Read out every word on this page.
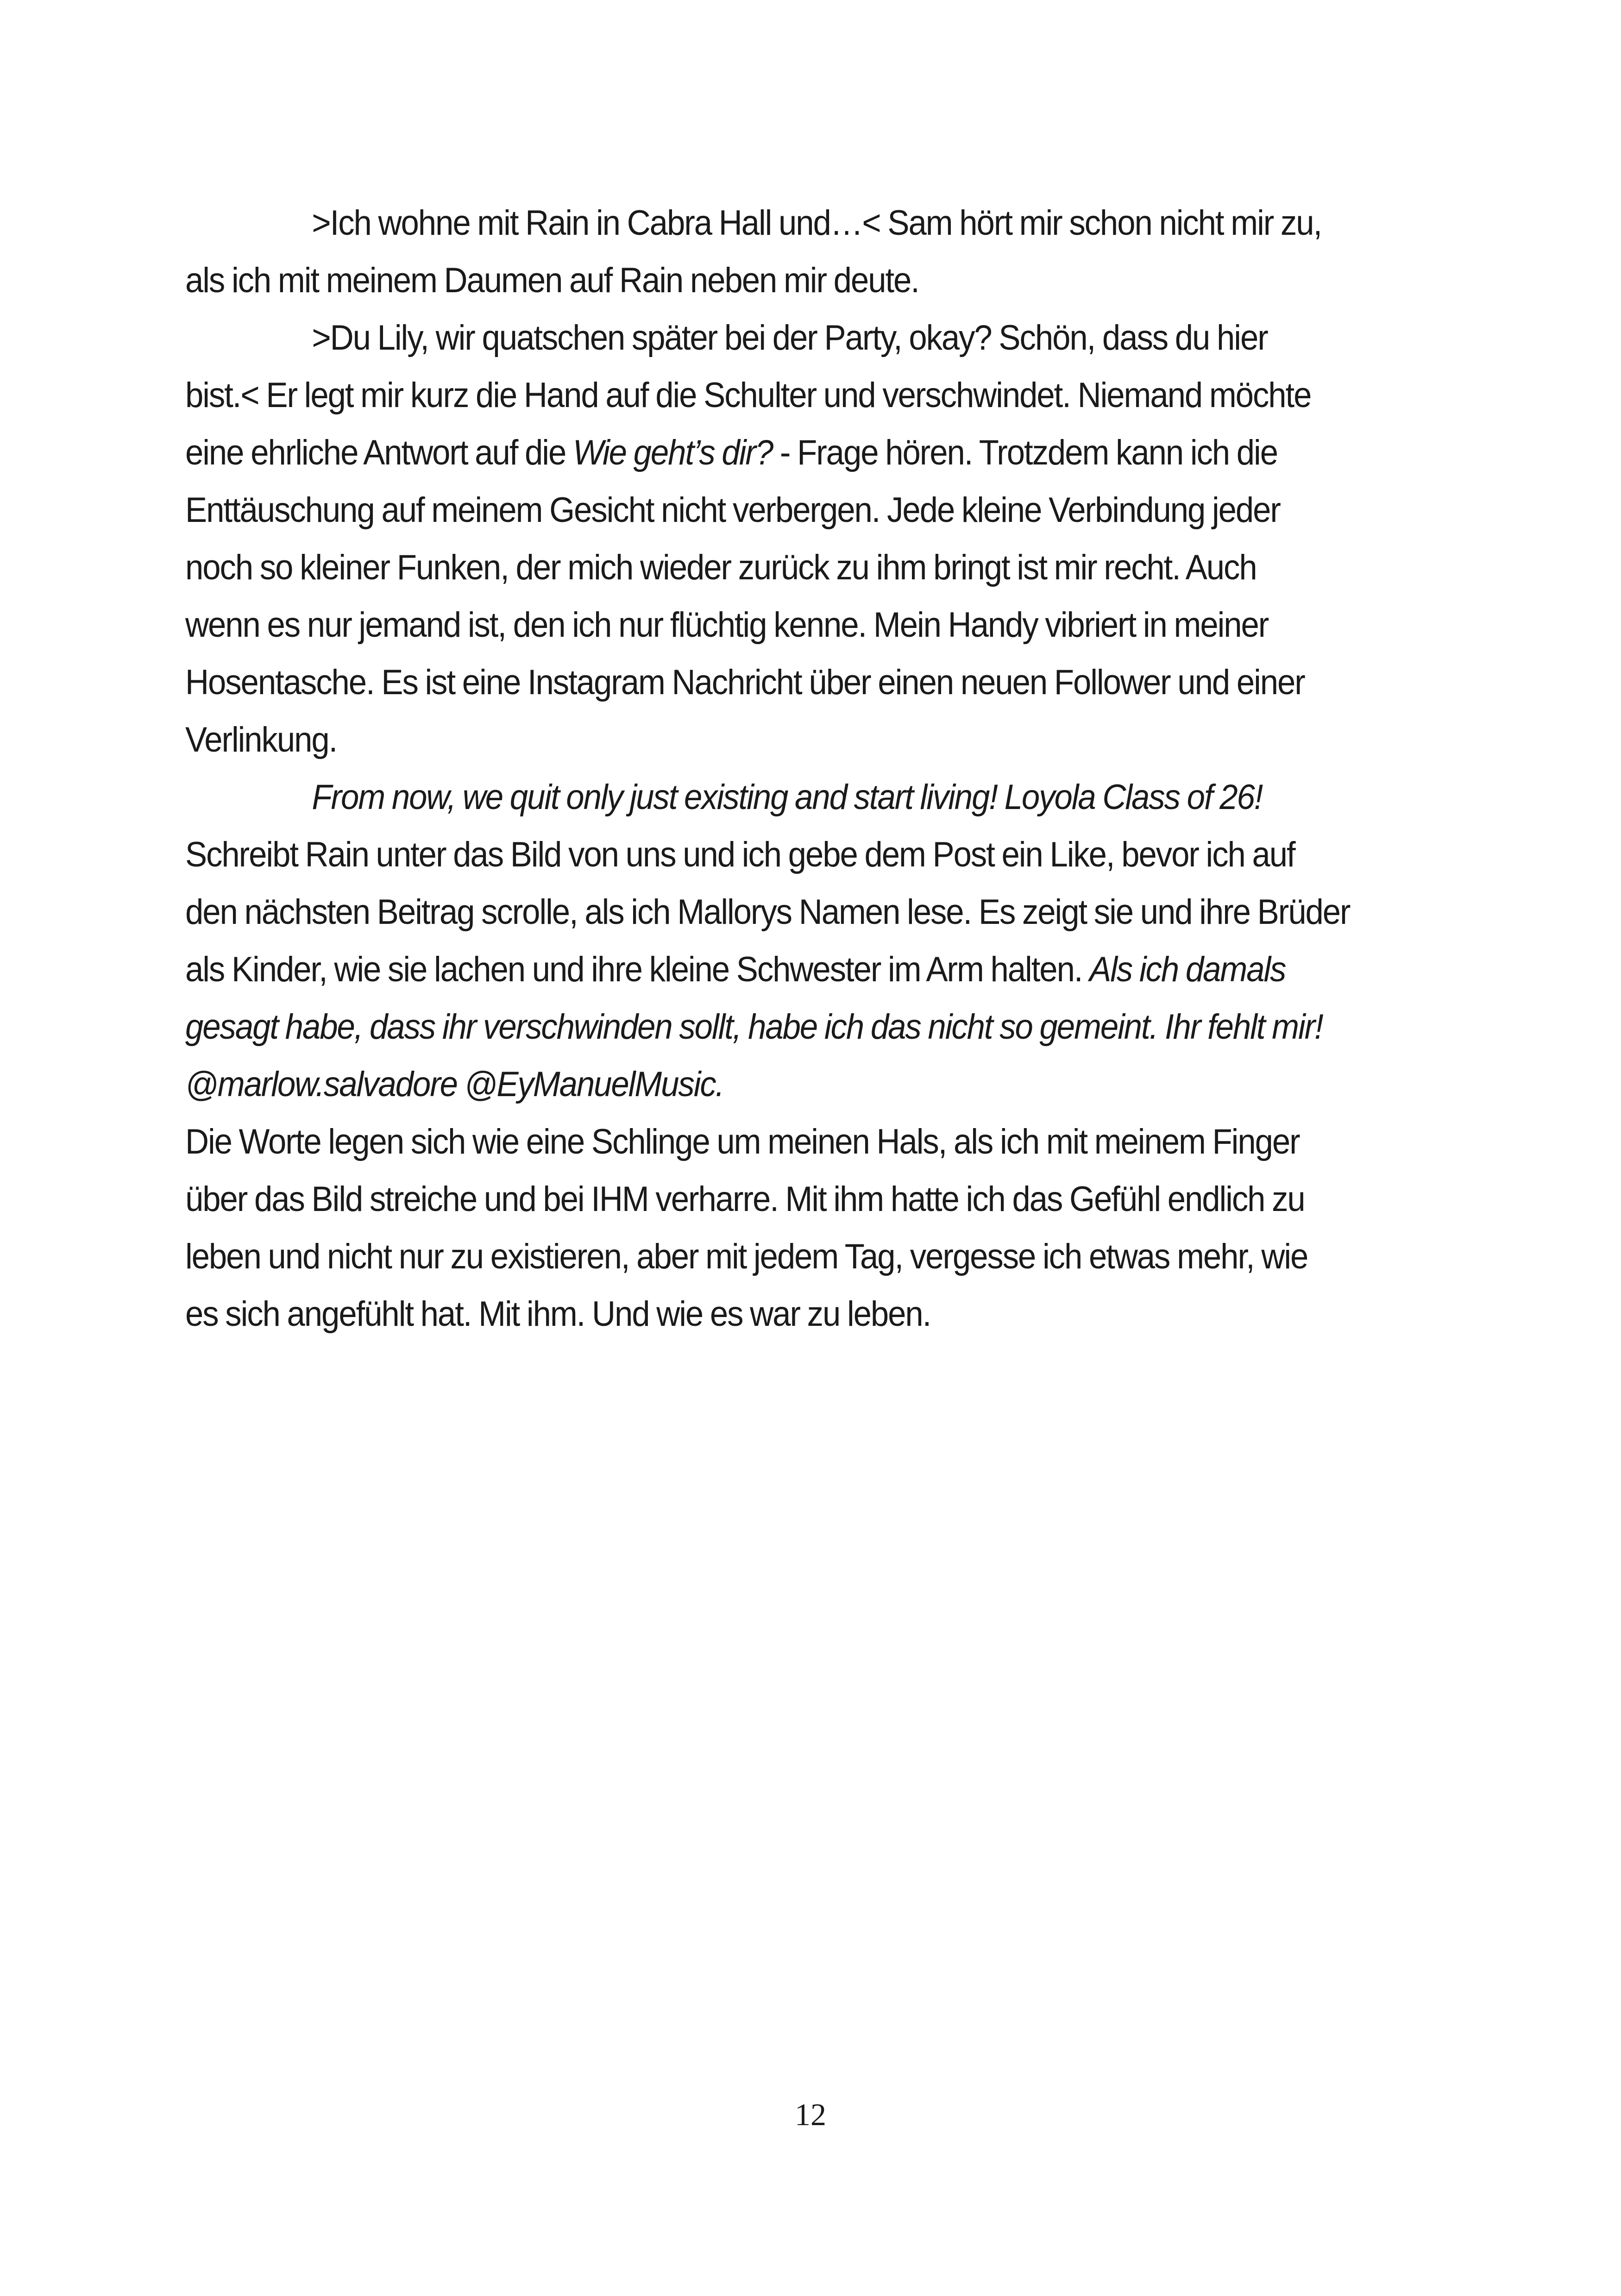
>Ich wohne mit Rain in Cabra Hall und…< Sam hört mir schon nicht mir zu,
als ich mit meinem Daumen auf Rain neben mir deute.

>Du Lily, wir quatschen später bei der Party, okay? Schön, dass du hier
bist.< Er legt mir kurz die Hand auf die Schulter und verschwindet. Niemand möchte
eine ehrliche Antwort auf die Wie geht’s dir? - Frage hören. Trotzdem kann ich die
Enttäuschung auf meinem Gesicht nicht verbergen. Jede kleine Verbindung jeder
noch so kleiner Funken, der mich wieder zurück zu ihm bringt ist mir recht. Auch
wenn es nur jemand ist, den ich nur flüchtig kenne. Mein Handy vibriert in meiner
Hosentasche. Es ist eine Instagram Nachricht über einen neuen Follower und einer
Verlinkung.

From now, we quit only just existing and start living! Loyola Class of 26!
Schreibt Rain unter das Bild von uns und ich gebe dem Post ein Like, bevor ich auf
den nächsten Beitrag scrolle, als ich Mallorys Namen lese. Es zeigt sie und ihre Brüder
als Kinder, wie sie lachen und ihre kleine Schwester im Arm halten. Als ich damals
gesagt habe, dass ihr verschwinden sollt, habe ich das nicht so gemeint. Ihr fehlt mir!
@marlow.salvadore @EyManuelMusic.

Die Worte legen sich wie eine Schlinge um meinen Hals, als ich mit meinem Finger
über das Bild streiche und bei IHM verharre. Mit ihm hatte ich das Gefühl endlich zu
leben und nicht nur zu existieren, aber mit jedem Tag, vergesse ich etwas mehr, wie
es sich angefühlt hat. Mit ihm. Und wie es war zu leben.

12
